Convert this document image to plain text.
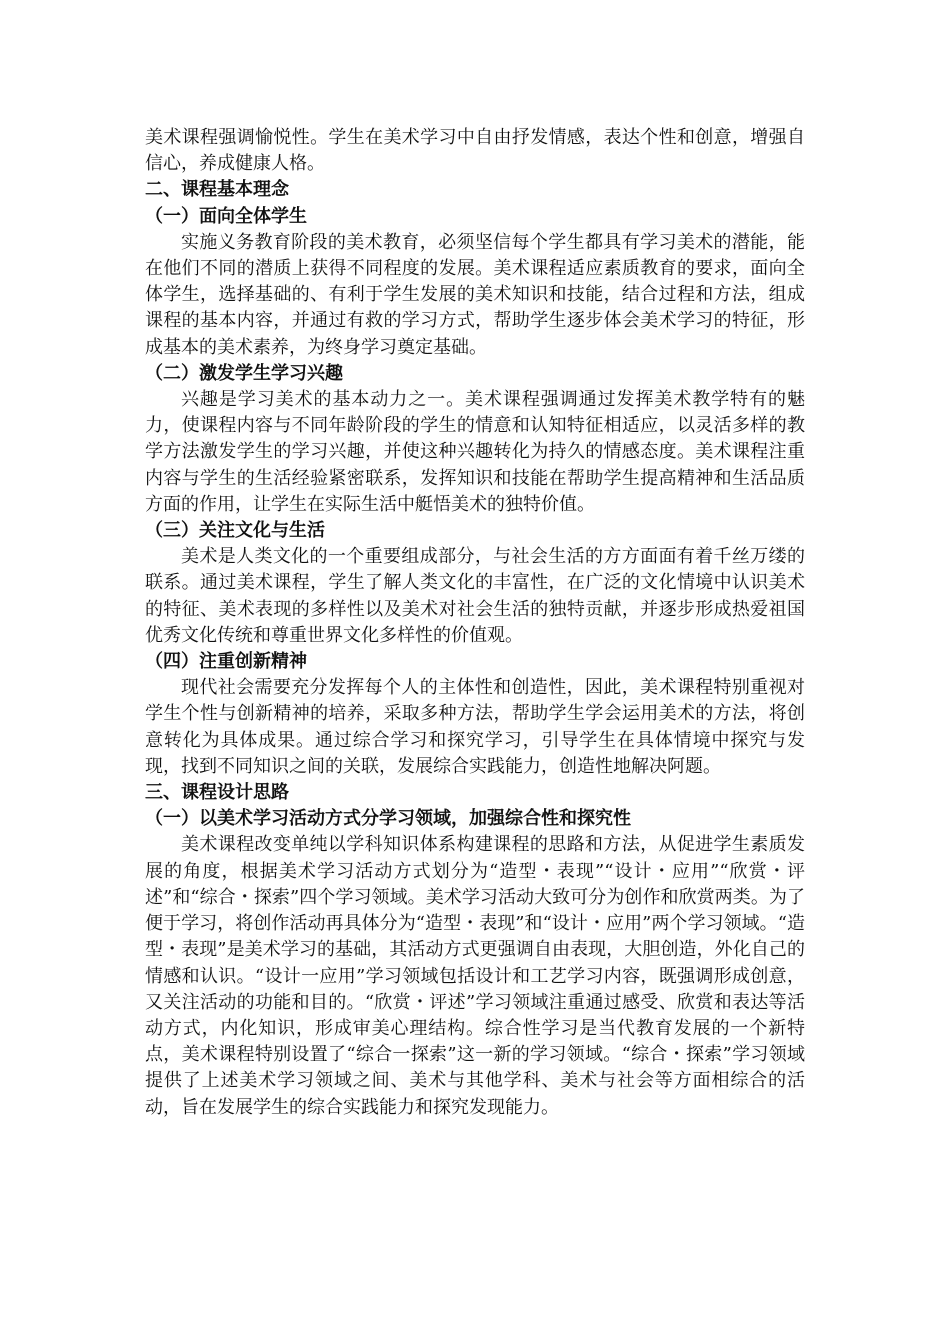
美术课程强调愉悦性。学生在美术学习中自由抒发情感，表达个性和创意，增强自信心，养成健康人格。

二、课程基本理念

（一）面向全体学生

实施义务教育阶段的美术教育，必须坚信每个学生都具有学习美术的潜能，能在他们不同的潜质上获得不同程度的发展。美术课程适应素质教育的要求，面向全体学生，选择基础的、有利于学生发展的美术知识和技能，结合过程和方法，组成课程的基本内容，并通过有救的学习方式，帮助学生逐步体会美术学习的特征，形成基本的美术素养，为终身学习奠定基础。

（二）激发学生学习兴趣

兴趣是学习美术的基本动力之一。美术课程强调通过发挥美术教学特有的魅力，使课程内容与不同年龄阶段的学生的情意和认知特征相适应，以灵活多样的教学方法激发学生的学习兴趣，并使这种兴趣转化为持久的情感态度。美术课程注重内容与学生的生活经验紧密联系，发挥知识和技能在帮助学生提高精神和生活品质方面的作用，让学生在实际生活中艇悟美术的独特价值。

（三）关注文化与生活

美术是人类文化的一个重要组成部分，与社会生活的方方面面有着千丝万缕的联系。通过美术课程，学生了解人类文化的丰富性，在广泛的文化情境中认识美术的特征、美术表现的多样性以及美术对社会生活的独特贡献，并逐步形成热爱祖国优秀文化传统和尊重世界文化多样性的价值观。

（四）注重创新精神

现代社会需要充分发挥每个人的主体性和创造性，因此，美术课程特别重视对学生个性与创新精神的培养，采取多种方法，帮助学生学会运用美术的方法，将创意转化为具体成果。通过综合学习和探究学习，引导学生在具体情境中探究与发现，找到不同知识之间的关联，发展综合实践能力，创造性地解决阿题。

三、课程设计思路

（一）以美术学习活动方式分学习领域，加强综合性和探究性

美术课程改变单纯以学科知识体系构建课程的思路和方法，从促进学生素质发展的角度，根据美术学习活动方式划分为“造型・表现”“设计・应用”“欣赏・评述”和“综合・探索”四个学习领域。美术学习活动大致可分为创作和欣赏两类。为了便于学习，将创作活动再具体分为“造型・表现”和“设计・应用”两个学习领域。“造型・表现”是美术学习的基础，其活动方式更强调自由表现，大胆创造，外化自己的情感和认识。“设计一应用”学习领域包括设计和工艺学习内容，既强调形成创意，又关注活动的功能和目的。“欣赏・评述”学习领域注重通过感受、欣赏和表达等活动方式，内化知识，形成审美心理结构。综合性学习是当代教育发展的一个新特点，美术课程特别设置了“综合一探索”这一新的学习领域。“综合・探索”学习领域提供了上述美术学习领域之间、美术与其他学科、美术与社会等方面相综合的活动，旨在发展学生的综合实践能力和探究发现能力。
